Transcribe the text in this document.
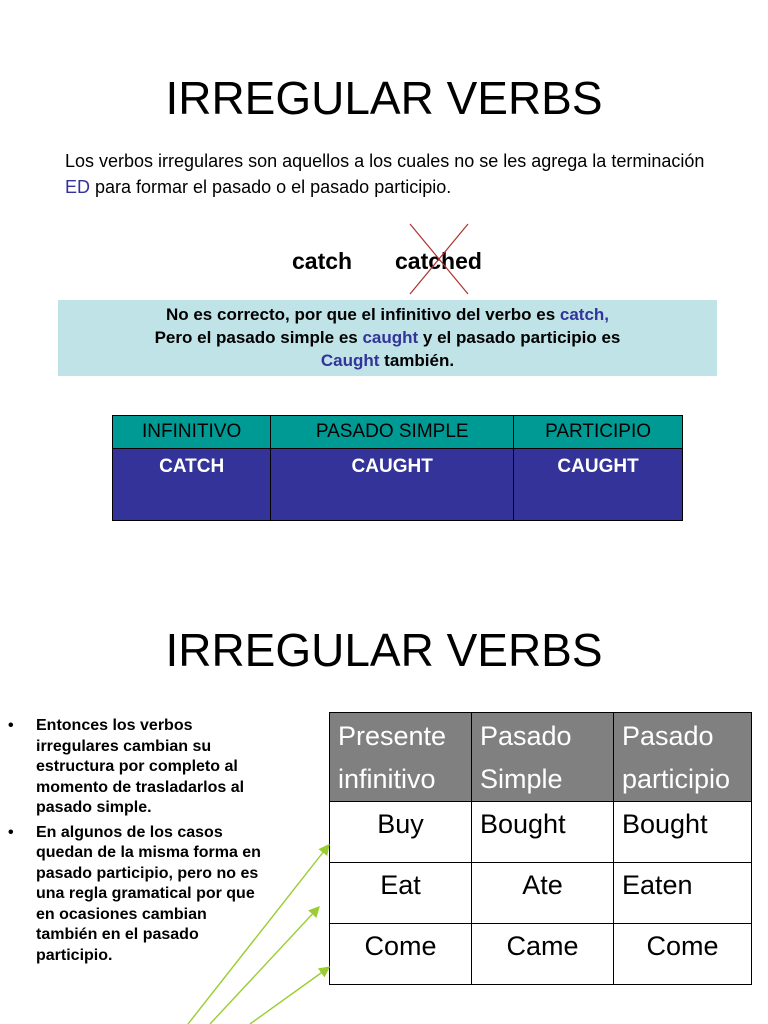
IRREGULAR VERBS
Los verbos irregulares son aquellos a los cuales no se les agrega la terminación ED para formar el pasado o el pasado participio.
catch catched
No es correcto, por que el infinitivo del verbo es catch,
Pero el pasado simple es caught y el pasado participio es
Caught también.
INFINITIVO	PASADO SIMPLE	PARTICIPIO
CATCH	CAUGHT	CAUGHT
IRREGULAR VERBS
• Entonces los verbos irregulares cambian su estructura por completo al momento de trasladarlos al pasado simple.
• En algunos de los casos quedan de la misma forma en pasado participio, pero no es una regla gramatical por que en ocasiones cambian también en el pasado participio.
Presente infinitivo	Pasado Simple	Pasado participio
Buy	Bought	Bought
Eat	Ate	Eaten
Come	Came	Come
